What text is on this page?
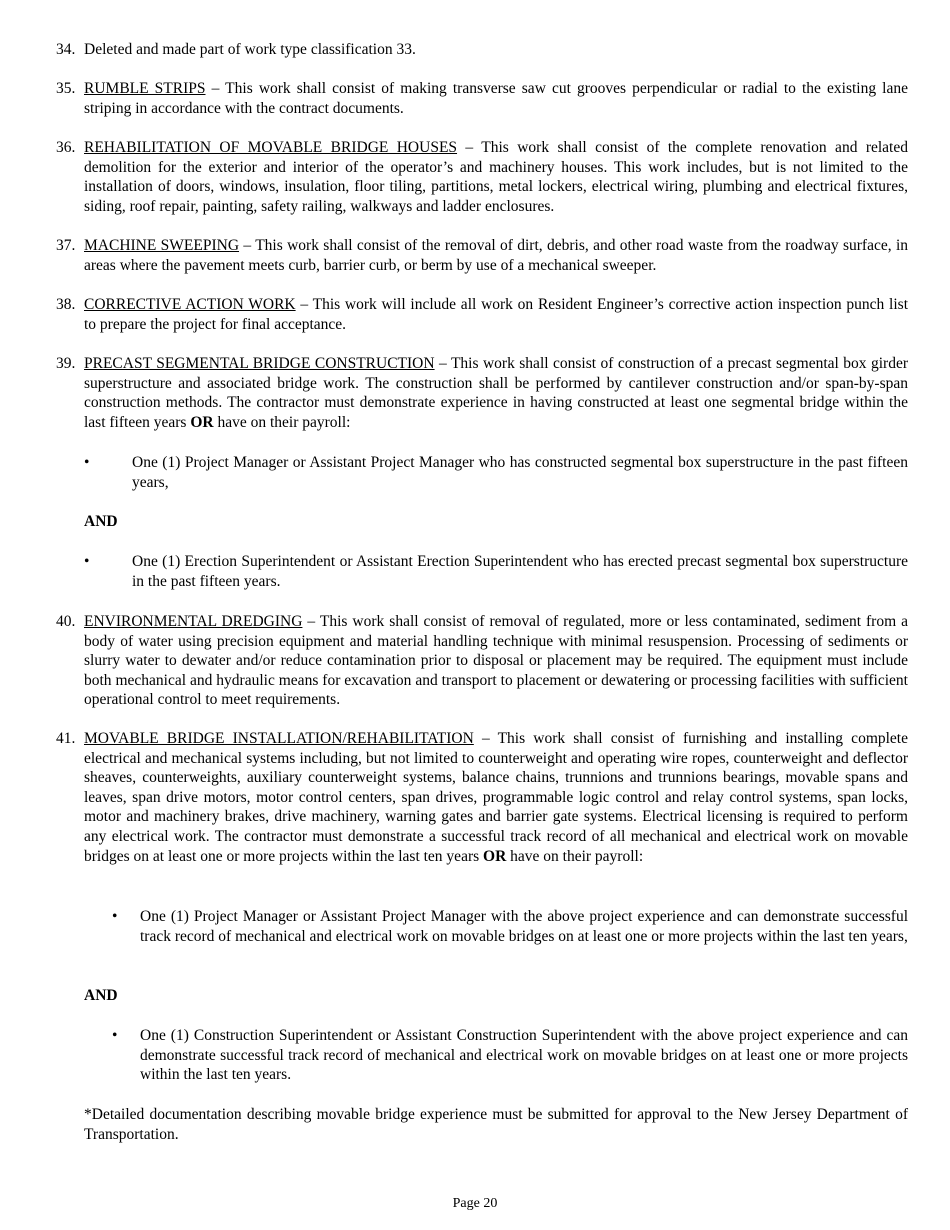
34. Deleted and made part of work type classification 33.
35. RUMBLE STRIPS – This work shall consist of making transverse saw cut grooves perpendicular or radial to the existing lane striping in accordance with the contract documents.
36. REHABILITATION OF MOVABLE BRIDGE HOUSES – This work shall consist of the complete renovation and related demolition for the exterior and interior of the operator’s and machinery houses. This work includes, but is not limited to the installation of doors, windows, insulation, floor tiling, partitions, metal lockers, electrical wiring, plumbing and electrical fixtures, siding, roof repair, painting, safety railing, walkways and ladder enclosures.
37. MACHINE SWEEPING – This work shall consist of the removal of dirt, debris, and other road waste from the roadway surface, in areas where the pavement meets curb, barrier curb, or berm by use of a mechanical sweeper.
38. CORRECTIVE ACTION WORK – This work will include all work on Resident Engineer’s corrective action inspection punch list to prepare the project for final acceptance.
39. PRECAST SEGMENTAL BRIDGE CONSTRUCTION – This work shall consist of construction of a precast segmental box girder superstructure and associated bridge work. The construction shall be performed by cantilever construction and/or span-by-span construction methods. The contractor must demonstrate experience in having constructed at least one segmental bridge within the last fifteen years OR have on their payroll:
•	One (1) Project Manager or Assistant Project Manager who has constructed segmental box superstructure in the past fifteen years,
AND
•	One (1) Erection Superintendent or Assistant Erection Superintendent who has erected precast segmental box superstructure in the past fifteen years.
40. ENVIRONMENTAL DREDGING – This work shall consist of removal of regulated, more or less contaminated, sediment from a body of water using precision equipment and material handling technique with minimal resuspension. Processing of sediments or slurry water to dewater and/or reduce contamination prior to disposal or placement may be required. The equipment must include both mechanical and hydraulic means for excavation and transport to placement or dewatering or processing facilities with sufficient operational control to meet requirements.
41. MOVABLE BRIDGE INSTALLATION/REHABILITATION – This work shall consist of furnishing and installing complete electrical and mechanical systems including, but not limited to counterweight and operating wire ropes, counterweight and deflector sheaves, counterweights, auxiliary counterweight systems, balance chains, trunnions and trunnions bearings, movable spans and leaves, span drive motors, motor control centers, span drives, programmable logic control and relay control systems, span locks, motor and machinery brakes, drive machinery, warning gates and barrier gate systems. Electrical licensing is required to perform any electrical work. The contractor must demonstrate a successful track record of all mechanical and electrical work on movable bridges on at least one or more projects within the last ten years OR have on their payroll:
•	One (1) Project Manager or Assistant Project Manager with the above project experience and can demonstrate successful track record of mechanical and electrical work on movable bridges on at least one or more projects within the last ten years,
AND
•	One (1) Construction Superintendent or Assistant Construction Superintendent with the above project experience and can demonstrate successful track record of mechanical and electrical work on movable bridges on at least one or more projects within the last ten years.
*Detailed documentation describing movable bridge experience must be submitted for approval to the New Jersey Department of Transportation.
Page 20
